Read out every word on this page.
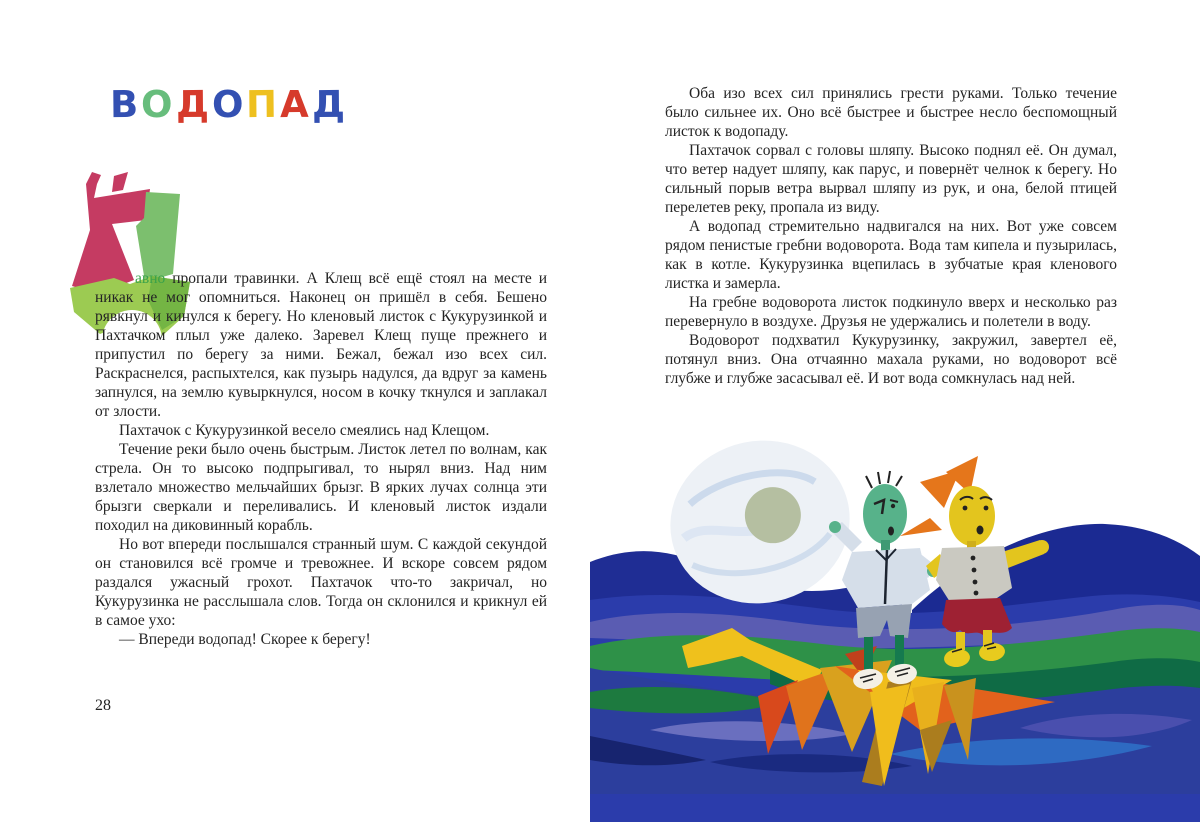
ВОДОПАД

авно пропали травинки. А Клещ всё ещё стоял на месте и никак не мог опомниться. Наконец он пришёл в себя. Бешено рявкнул и кинулся к берегу. Но кленовый листок с Кукурузинкой и Пахтачком плыл уже далеко. Заревел Клещ пуще прежнего и припустил по берегу за ними. Бежал, бежал изо всех сил. Раскраснелся, распыхтелся, как пузырь надулся, да вдруг за камень запнулся, на землю кувыркнулся, носом в кочку ткнулся и заплакал от злости.

Пахтачок с Кукурузинкой весело смеялись над Клещом.

Течение реки было очень быстрым. Листок летел по волнам, как стрела. Он то высоко подпрыгивал, то нырял вниз. Над ним взлетало множество мельчайших брызг. В ярких лучах солнца эти брызги сверкали и переливались. И кленовый листок издали походил на диковинный корабль.

Но вот впереди послышался странный шум. С каждой секундой он становился всё громче и тревожнее. И вскоре совсем рядом раздался ужасный грохот. Пахтачок что-то закричал, но Кукурузинка не расслышала слов. Тогда он склонился и крикнул ей в самое ухо:

— Впереди водопад! Скорее к берегу!

28

Оба изо всех сил принялись грести руками. Только течение было сильнее их. Оно всё быстрее и быстрее несло беспомощный листок к водопаду.

Пахтачок сорвал с головы шляпу. Высоко поднял её. Он думал, что ветер надует шляпу, как парус, и повернёт челнок к берегу. Но сильный порыв ветра вырвал шляпу из рук, и она, белой птицей перелетев реку, пропала из виду.

А водопад стремительно надвигался на них. Вот уже совсем рядом пенистые гребни водоворота. Вода там кипела и пузырилась, как в котле. Кукурузинка вцепилась в зубчатые края кленового листка и замерла.

На гребне водоворота листок подкинуло вверх и несколько раз перевернуло в воздухе. Друзья не удержались и полетели в воду.

Водоворот подхватил Кукурузинку, закружил, завертел её, потянул вниз. Она отчаянно махала руками, но водоворот всё глубже и глубже засасывал её. И вот вода сомкнулась над ней.
